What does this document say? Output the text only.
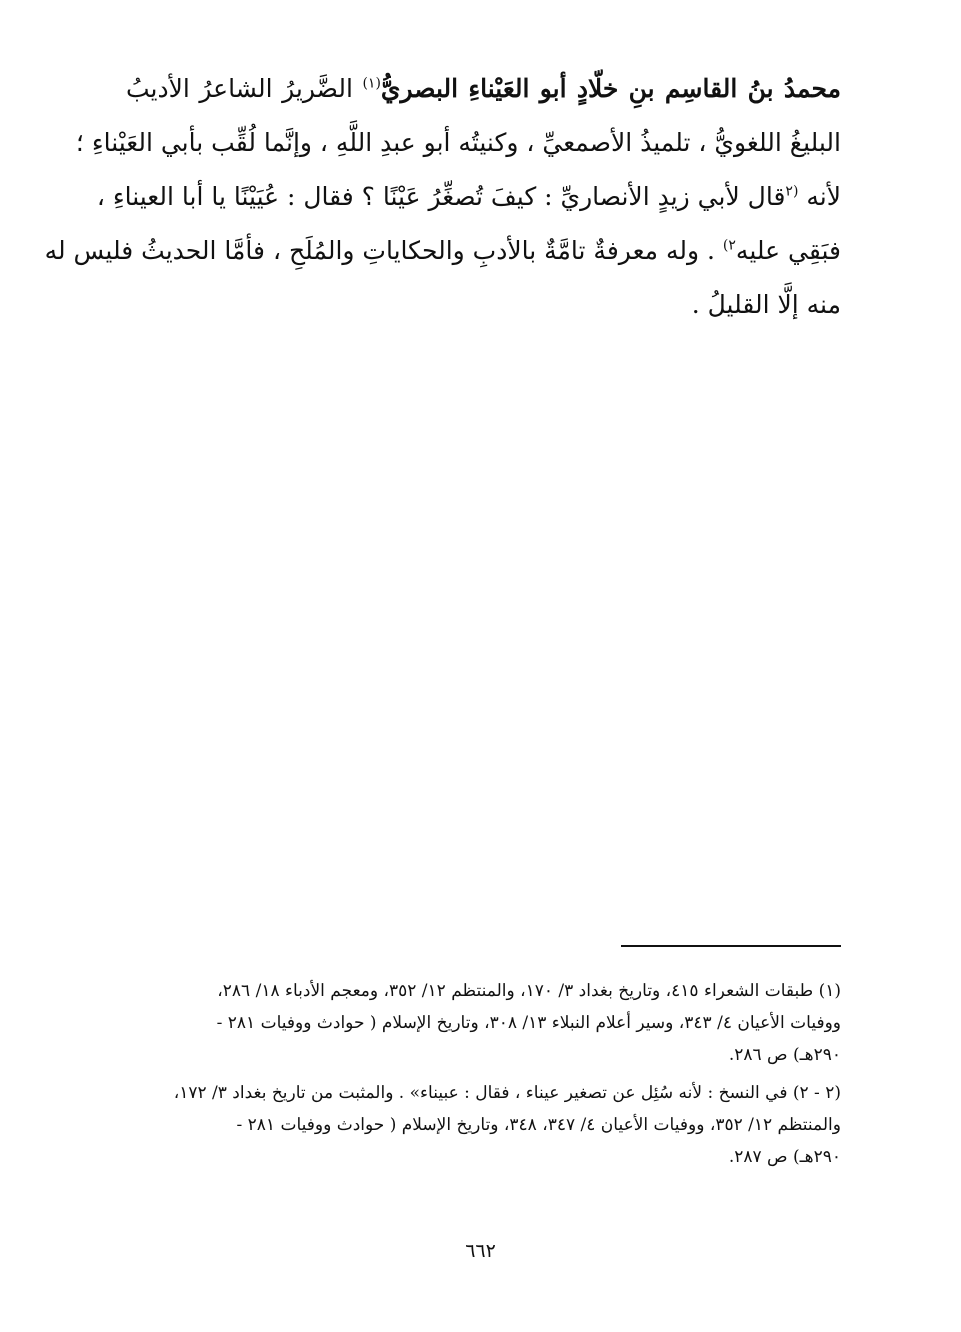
محمدُ بنُ القاسِم بنِ خلّادٍ أبو العَيْناءِ البصريُّ$^{(١)}$ الضَّريرُ الشاعرُ الأديبُ
البليغُ اللغويُّ ، تلميذُ الأصمعيِّ ، وكنيتُه أبو عبدِ اللَّهِ ، وإنَّما لُقِّب بأبي العَيْناءِ ؛
لأنه $^{(٢}$قال لأبي زيدٍ الأنصاريِّ : كيفَ تُصغِّرُ عَيْنًا ؟ فقال : عُيَيْنًا يا أبا العيناءِ ،
فبَقِي عليه$^{٢)}$ . وله معرفةٌ تامَّةٌ بالأدبِ والحكاياتِ والمُلَحِ ، فأمَّا الحديثُ فليس له
منه إلَّا القليلُ .
(١) طبقات الشعراء ٤١٥، وتاريخ بغداد ٣/ ١٧٠، والمنتظم ١٢/ ٣٥٢، ومعجم الأدباء ١٨/ ٢٨٦،
ووفيات الأعيان ٤/ ٣٤٣، وسير أعلام النبلاء ١٣/ ٣٠٨، وتاريخ الإسلام ( حوادث ووفيات ٢٨١ -
٢٩٠هـ) ص ٢٨٦.
(٢ - ٢) في النسخ : لأنه سُئِل عن تصغير عيناء ، فقال : عبيناء» . والمثبت من تاريخ بغداد ٣/ ١٧٢،
والمنتظم ١٢/ ٣٥٢، ووفيات الأعيان ٤/ ٣٤٧، ٣٤٨، وتاريخ الإسلام ( حوادث ووفيات ٢٨١ -
٢٩٠هـ) ص ٢٨٧.
٦٦٢
